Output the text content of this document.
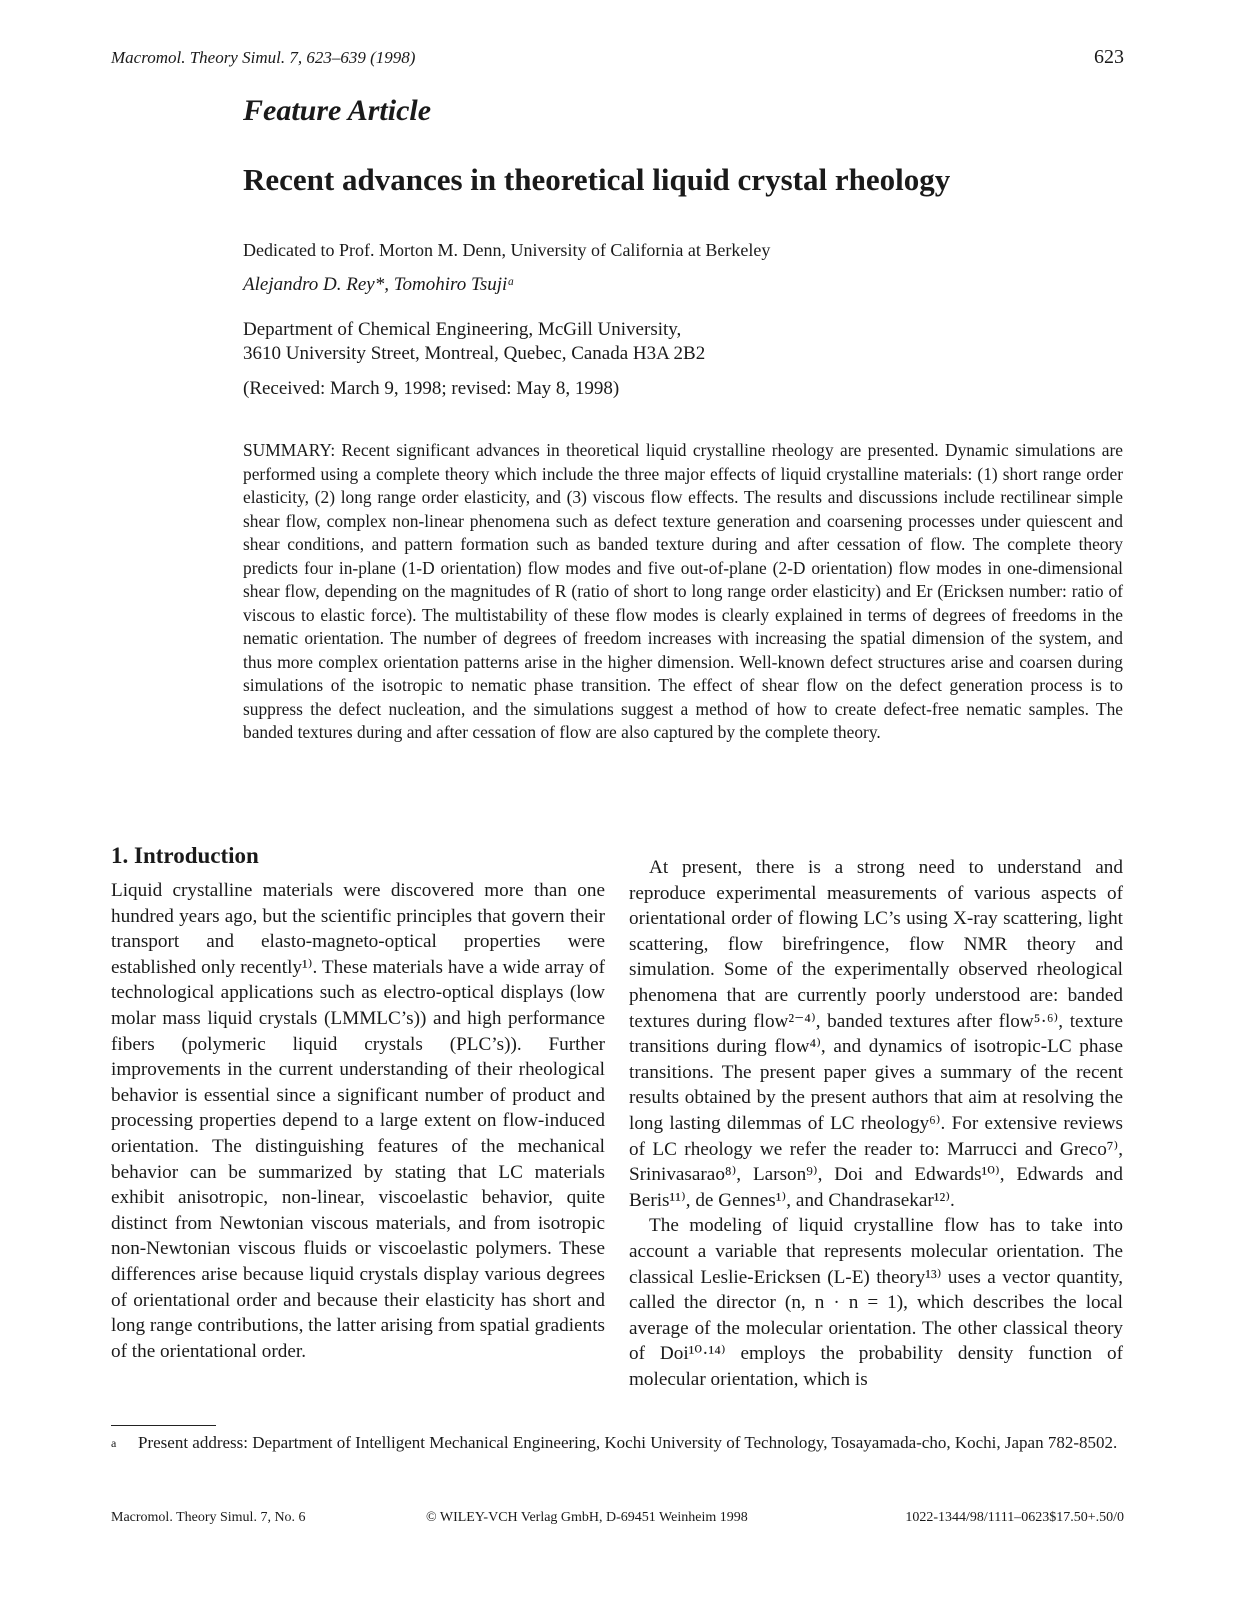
Macromol. Theory Simul. 7, 623–639 (1998)	623
Feature Article
Recent advances in theoretical liquid crystal rheology
Dedicated to Prof. Morton M. Denn, University of California at Berkeley
Alejandro D. Rey*, Tomohiro Tsujiᵃ
Department of Chemical Engineering, McGill University,
3610 University Street, Montreal, Quebec, Canada H3A 2B2
(Received: March 9, 1998; revised: May 8, 1998)
SUMMARY: Recent significant advances in theoretical liquid crystalline rheology are presented. Dynamic simulations are performed using a complete theory which include the three major effects of liquid crystalline materials: (1) short range order elasticity, (2) long range order elasticity, and (3) viscous flow effects. The results and discussions include rectilinear simple shear flow, complex non-linear phenomena such as defect texture generation and coarsening processes under quiescent and shear conditions, and pattern formation such as banded texture during and after cessation of flow. The complete theory predicts four in-plane (1-D orientation) flow modes and five out-of-plane (2-D orientation) flow modes in one-dimensional shear flow, depending on the magnitudes of R (ratio of short to long range order elasticity) and Er (Ericksen number: ratio of viscous to elastic force). The multistability of these flow modes is clearly explained in terms of degrees of freedoms in the nematic orientation. The number of degrees of freedom increases with increasing the spatial dimension of the system, and thus more complex orientation patterns arise in the higher dimension. Well-known defect structures arise and coarsen during simulations of the isotropic to nematic phase transition. The effect of shear flow on the defect generation process is to suppress the defect nucleation, and the simulations suggest a method of how to create defect-free nematic samples. The banded textures during and after cessation of flow are also captured by the complete theory.
1. Introduction

Liquid crystalline materials were discovered more than one hundred years ago, but the scientific principles that govern their transport and elasto-magneto-optical properties were established only recently¹⁾. These materials have a wide array of technological applications such as electro-optical displays (low molar mass liquid crystals (LMMLC’s)) and high performance fibers (polymeric liquid crystals (PLC’s)). Further improvements in the current understanding of their rheological behavior is essential since a significant number of product and processing properties depend to a large extent on flow-induced orientation. The distinguishing features of the mechanical behavior can be summarized by stating that LC materials exhibit anisotropic, non-linear, viscoelastic behavior, quite distinct from Newtonian viscous materials, and from isotropic non-Newtonian viscous fluids or viscoelastic polymers. These differences arise because liquid crystals display various degrees of orientational order and because their elasticity has short and long range contributions, the latter arising from spatial gradients of the orientational order.

At present, there is a strong need to understand and reproduce experimental measurements of various aspects of orientational order of flowing LC’s using X-ray scattering, light scattering, flow birefringence, flow NMR theory and simulation. Some of the experimentally observed rheological phenomena that are currently poorly understood are: banded textures during flow²⁻⁴⁾, banded textures after flow⁵·⁶⁾, texture transitions during flow⁴⁾, and dynamics of isotropic-LC phase transitions. The present paper gives a summary of the recent results obtained by the present authors that aim at resolving the long lasting dilemmas of LC rheology⁶⁾. For extensive reviews of LC rheology we refer the reader to: Marrucci and Greco⁷⁾, Srinivasarao⁸⁾, Larson⁹⁾, Doi and Edwards¹⁰⁾, Edwards and Beris¹¹⁾, de Gennes¹⁾, and Chandrasekar¹²⁾.

The modeling of liquid crystalline flow has to take into account a variable that represents molecular orientation. The classical Leslie-Ericksen (L-E) theory¹³⁾ uses a vector quantity, called the director (n, n · n = 1), which describes the local average of the molecular orientation. The other classical theory of Doi¹⁰·¹⁴⁾ employs the probability density function of molecular orientation, which is

a	Present address: Department of Intelligent Mechanical Engineering, Kochi University of Technology, Tosayamada-cho, Kochi, Japan 782-8502.
Macromol. Theory Simul. 7, No. 6	© WILEY-VCH Verlag GmbH, D-69451 Weinheim 1998	1022-1344/98/1111–0623$17.50+.50/0
